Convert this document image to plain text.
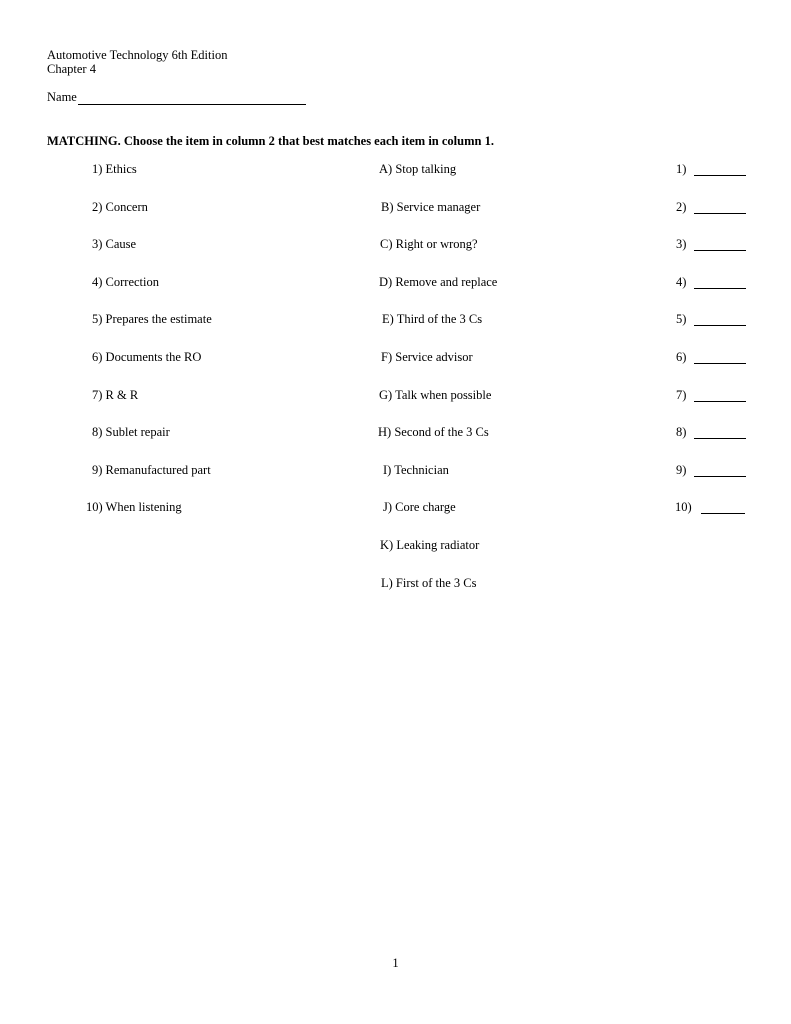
Automotive Technology 6th Edition
Chapter 4
Name
MATCHING. Choose the item in column 2 that best matches each item in column 1.
1) Ethics	A) Stop talking	1)
2) Concern	B) Service manager	2)
3) Cause	C) Right or wrong?	3)
4) Correction	D) Remove and replace	4)
5) Prepares the estimate	E) Third of the 3 Cs	5)
6) Documents the RO	F) Service advisor	6)
7) R & R	G) Talk when possible	7)
8) Sublet repair	H) Second of the 3 Cs	8)
9) Remanufactured part	I) Technician	9)
10) When listening	J) Core charge	10)
K) Leaking radiator
L) First of the 3 Cs
1
